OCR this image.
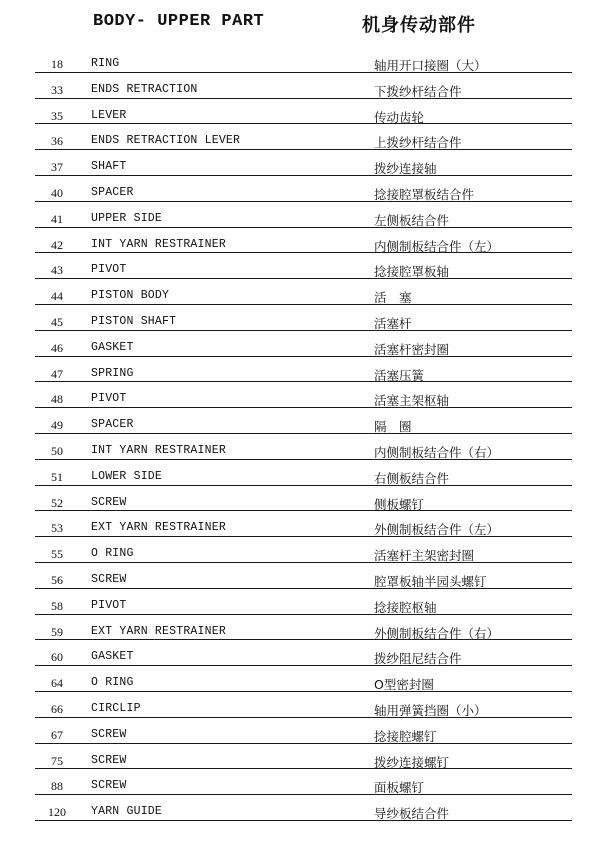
BODY- UPPER PART	机身传动部件
18	RING	轴用开口接圈（大）
33	ENDS RETRACTION	下拨纱杆结合件
35	LEVER	传动齿轮
36	ENDS RETRACTION LEVER	上拨纱杆结合件
37	SHAFT	拨纱连接轴
40	SPACER	捻接腔罩板结合件
41	UPPER SIDE	左侧板结合件
42	INT YARN RESTRAINER	内侧制板结合件（左）
43	PIVOT	捻接腔罩板轴
44	PISTON BODY	活　塞
45	PISTON SHAFT	活塞杆
46	GASKET	活塞杆密封圈
47	SPRING	活塞压簧
48	PIVOT	活塞主架枢轴
49	SPACER	隔　圈
50	INT YARN RESTRAINER	内侧制板结合件（右）
51	LOWER SIDE	右侧板结合件
52	SCREW	侧板螺钉
53	EXT YARN RESTRAINER	外侧制板结合件（左）
55	O RING	活塞杆主架密封圈
56	SCREW	腔罩板轴半园头螺钉
58	PIVOT	捻接腔枢轴
59	EXT YARN RESTRAINER	外侧制板结合件（右）
60	GASKET	拨纱阻尼结合件
64	O RING	O型密封圈
66	CIRCLIP	轴用弹簧挡圈（小）
67	SCREW	捻接腔螺钉
75	SCREW	拨纱连接螺钉
88	SCREW	面板螺钉
120	YARN GUIDE	导纱板结合件
